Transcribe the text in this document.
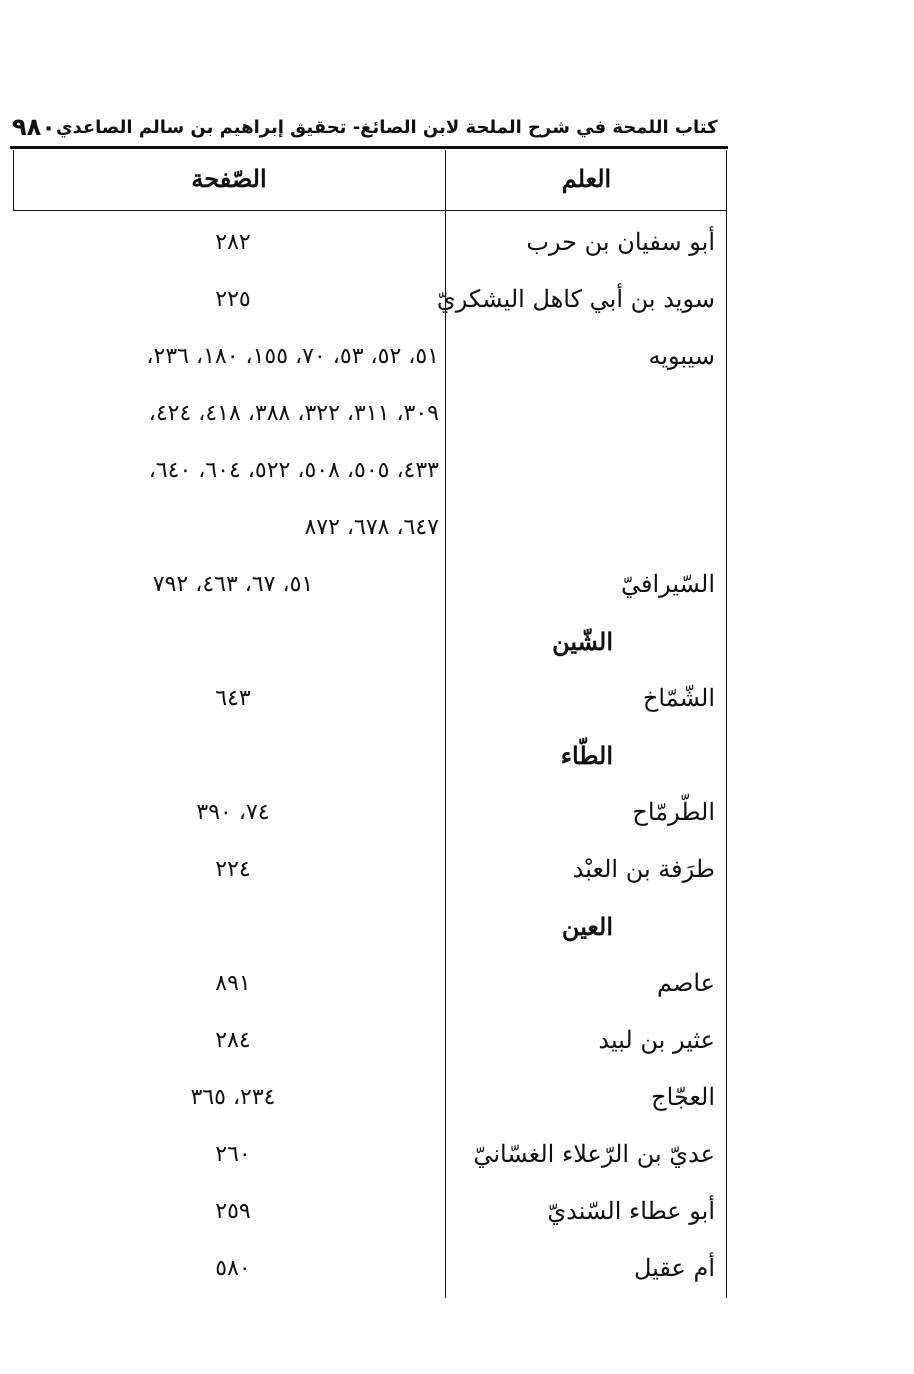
٩٨٠ كتاب اللمحة في شرح الملحة لابن الصائغ- تحقيق إبراهيم بن سالم الصاعدي
العلم
الصّفحة
أبو سفيان بن حرب
٢٨٢
سويد بن أبي كاهل اليشكريّ
٢٢٥
سيبويه
٥١، ٥٢، ٥٣، ٧٠، ١٥٥، ١٨٠، ٢٣٦،
٣٠٩، ٣١١، ٣٢٢، ٣٨٨، ٤١٨، ٤٢٤،
٤٣٣، ٥٠٥، ٥٠٨، ٥٢٢، ٦٠٤، ٦٤٠،
٦٤٧، ٦٧٨، ٨٧٢
السّيرافيّ
٥١، ٦٧، ٤٦٣، ٧٩٢
الشّين
الشّمّاخ
٦٤٣
الطّاء
الطّرمّاح
٧٤، ٣٩٠
طرَفة بن العبْد
٢٢٤
العين
عاصم
٨٩١
عثير بن لبيد
٢٨٤
العجّاج
٢٣٤، ٣٦٥
عديّ بن الرّعلاء الغسّانيّ
٢٦٠
أبو عطاء السّنديّ
٢٥٩
أم عقيل
٥٨٠
